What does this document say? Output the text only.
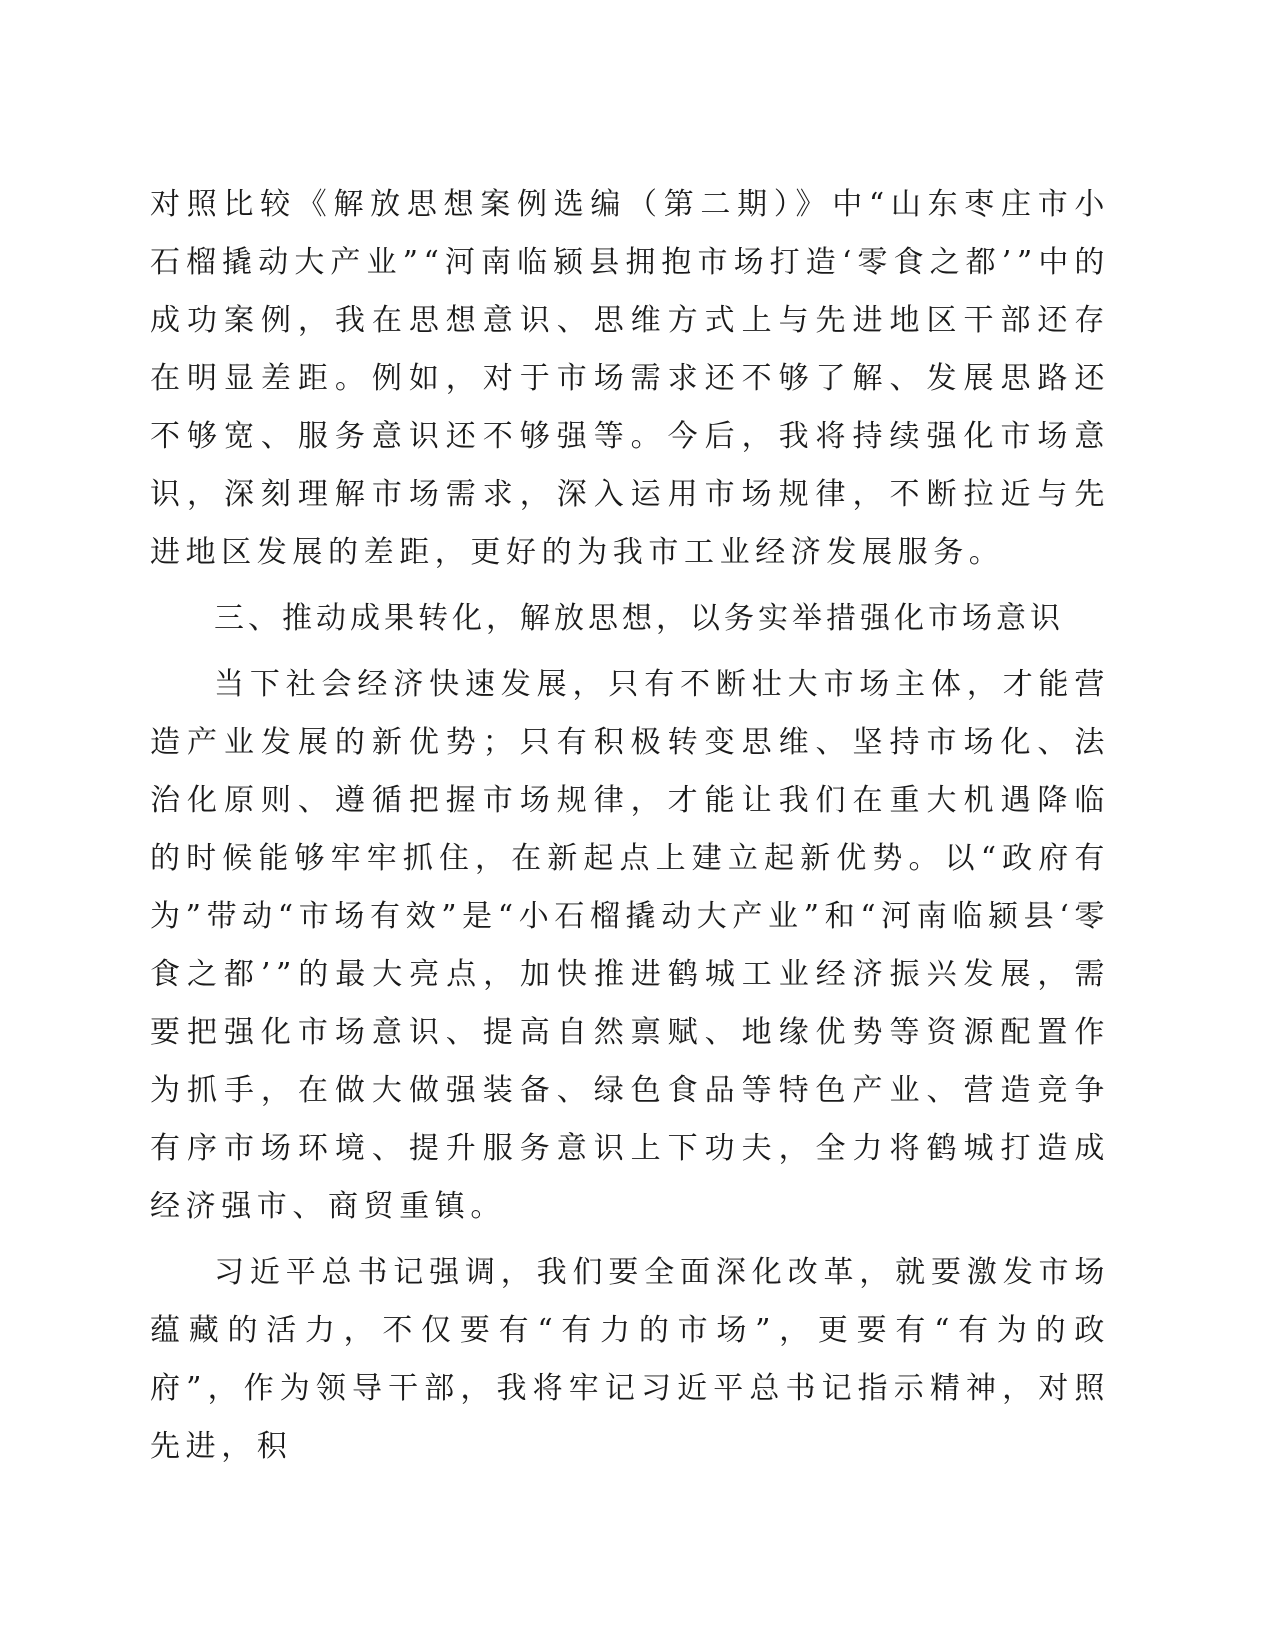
对照比较《解放思想案例选编（第二期）》中“山东枣庄市小石榴撬动大产业”“河南临颍县拥抱市场打造‘零食之都’”中的成功案例，我在思想意识、思维方式上与先进地区干部还存在明显差距。例如，对于市场需求还不够了解、发展思路还不够宽、服务意识还不够强等。今后，我将持续强化市场意识，深刻理解市场需求，深入运用市场规律，不断拉近与先进地区发展的差距，更好的为我市工业经济发展服务。

三、推动成果转化，解放思想，以务实举措强化市场意识

当下社会经济快速发展，只有不断壮大市场主体，才能营造产业发展的新优势；只有积极转变思维、坚持市场化、法治化原则、遵循把握市场规律，才能让我们在重大机遇降临的时候能够牢牢抓住，在新起点上建立起新优势。以“政府有为”带动“市场有效”是“小石榴撬动大产业”和“河南临颍县‘零食之都’”的最大亮点，加快推进鹤城工业经济振兴发展，需要把强化市场意识、提高自然禀赋、地缘优势等资源配置作为抓手，在做大做强装备、绿色食品等特色产业、营造竞争有序市场环境、提升服务意识上下功夫，全力将鹤城打造成经济强市、商贸重镇。

习近平总书记强调，我们要全面深化改革，就要激发市场蕴藏的活力，不仅要有“有力的市场”，更要有“有为的政府”，作为领导干部，我将牢记习近平总书记指示精神，对照先进，积
